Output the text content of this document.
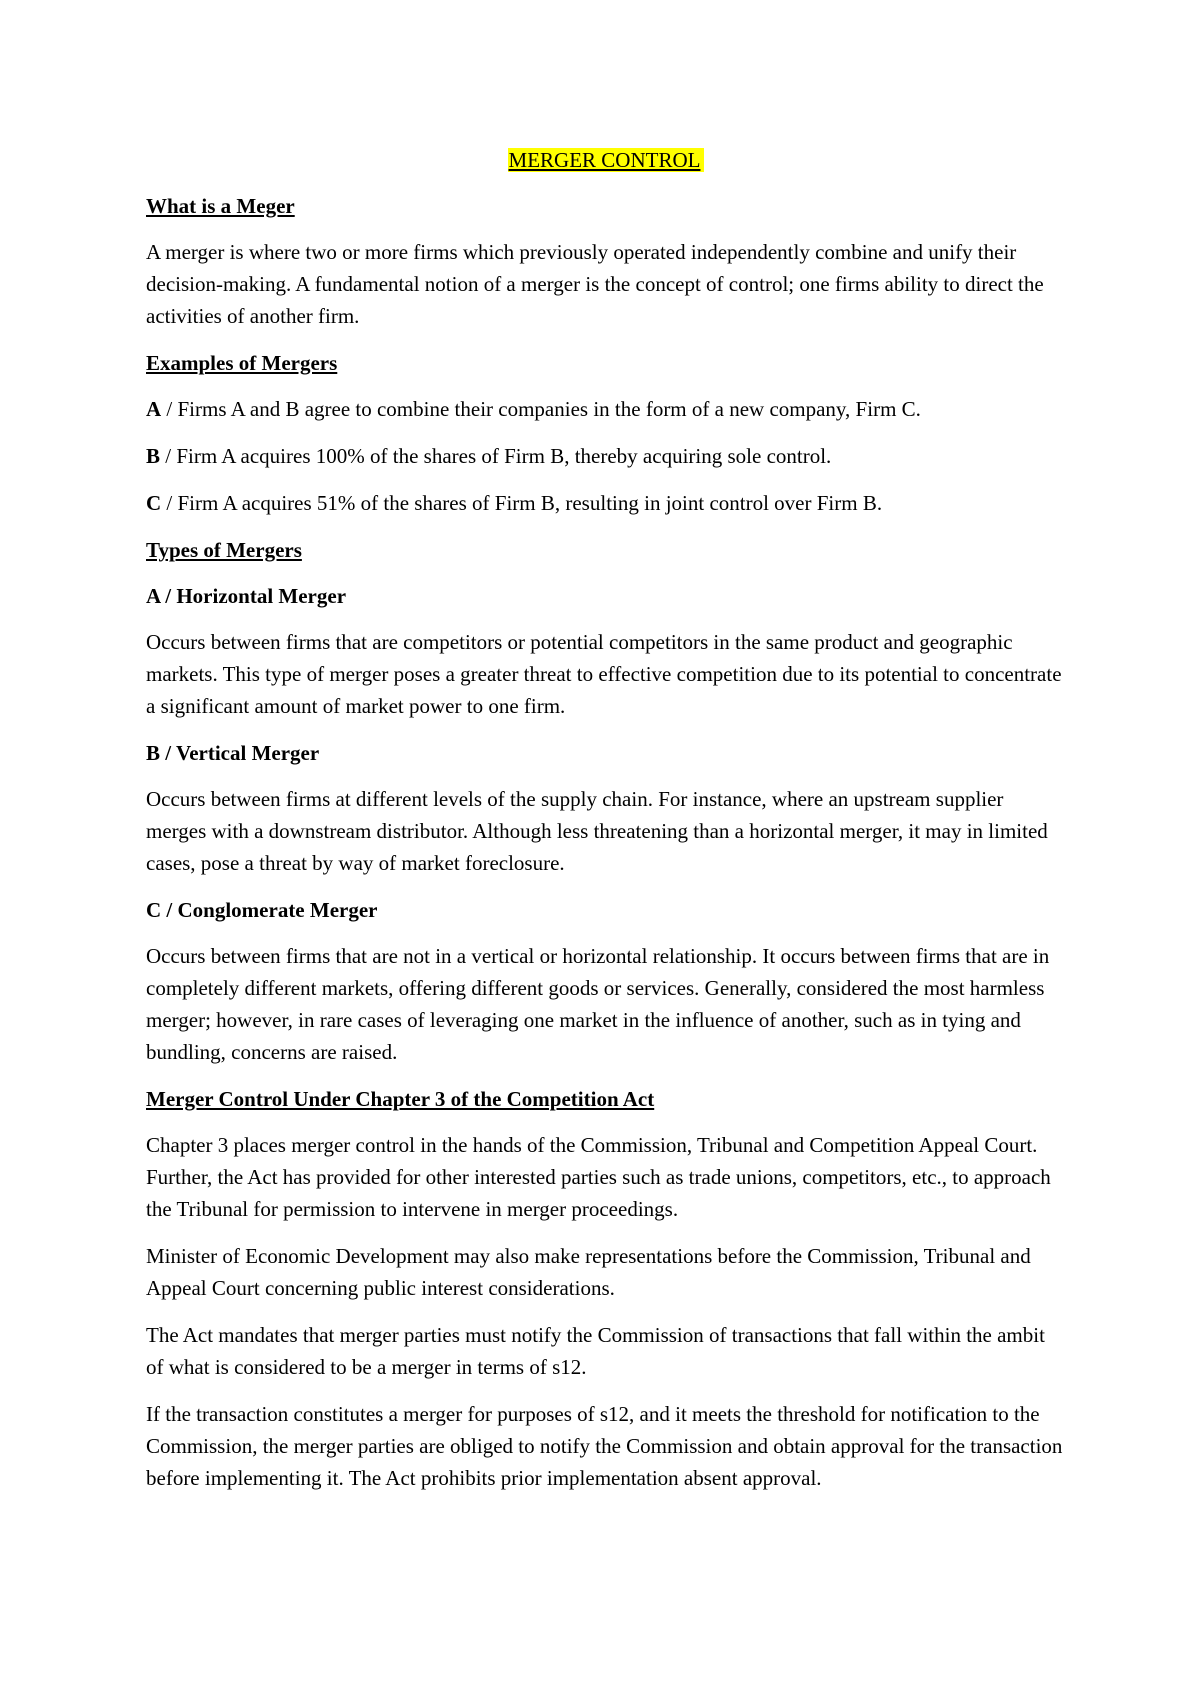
MERGER CONTROL
What is a Meger
A merger is where two or more firms which previously operated independently combine and unify their decision-making. A fundamental notion of a merger is the concept of control; one firms ability to direct the activities of another firm.
Examples of Mergers
A / Firms A and B agree to combine their companies in the form of a new company, Firm C.
B / Firm A acquires 100% of the shares of Firm B, thereby acquiring sole control.
C / Firm A acquires 51% of the shares of Firm B, resulting in joint control over Firm B.
Types of Mergers
A / Horizontal Merger
Occurs between firms that are competitors or potential competitors in the same product and geographic markets. This type of merger poses a greater threat to effective competition due to its potential to concentrate a significant amount of market power to one firm.
B / Vertical Merger
Occurs between firms at different levels of the supply chain. For instance, where an upstream supplier merges with a downstream distributor. Although less threatening than a horizontal merger, it may in limited cases, pose a threat by way of market foreclosure.
C / Conglomerate Merger
Occurs between firms that are not in a vertical or horizontal relationship. It occurs between firms that are in completely different markets, offering different goods or services. Generally, considered the most harmless merger; however, in rare cases of leveraging one market in the influence of another, such as in tying and bundling, concerns are raised.
Merger Control Under Chapter 3 of the Competition Act
Chapter 3 places merger control in the hands of the Commission, Tribunal and Competition Appeal Court. Further, the Act has provided for other interested parties such as trade unions, competitors, etc., to approach the Tribunal for permission to intervene in merger proceedings.
Minister of Economic Development may also make representations before the Commission, Tribunal and Appeal Court concerning public interest considerations.
The Act mandates that merger parties must notify the Commission of transactions that fall within the ambit of what is considered to be a merger in terms of s12.
If the transaction constitutes a merger for purposes of s12, and it meets the threshold for notification to the Commission, the merger parties are obliged to notify the Commission and obtain approval for the transaction before implementing it. The Act prohibits prior implementation absent approval.
